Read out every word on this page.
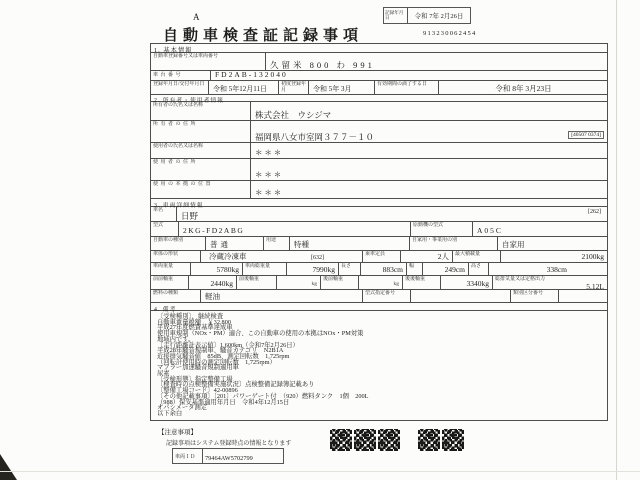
A
自動車検査証記録事項
記録年月日	令和 7年 2月26日
913230062454
1. 基本情報
自動車登録番号又は車両番号
久留米 800 わ 991
車台番号	FD2AB-132040
登録年月日/交付年月日
令和 5年12月11日
初度登録年月	令和 5年 3月
有効期間の満了する日	令和 8年 3月23日
2. 所有者・使用者情報
所有者の氏名又は名称
株式会社　ウシジマ
所有者の住所
福岡県八女市室岡３７７－１０	[40507 0374]
使用者の氏名又は名称
＊ ＊ ＊
使用者の住所
＊ ＊ ＊
使用の本拠の位置
＊ ＊ ＊
3. 車両詳細情報
車名
日野	[262]
型式
2KG-FD2ABG
原動機の型式
A05C
自動車の種別	普通	用途	特種	自家用・事業用の別	自家用
車体の形状	冷蔵冷凍車	[632]
乗車定員	2人	最大積載量	2100kg
車両重量	5780kg	車両総重量	7990kg	長さ	883cm	幅	249cm	高さ	338cm
前前軸重	2440kg	前後軸重
kg
後前軸重
kg
後後軸重	3340kg	総排気量又は定格出力
5.12L
燃料の種類	軽油	型式指定番号	類別区分番号
4. 備考
〔受検種別〕，継続検査
自動車重量税額　￥32,800
平成27年度燃費基準達成車
使用車規制（NOx・PM）適合、この自動車の使用の本拠はNOx・PM対策地域内です。
〔走行距離計表示値〕1,600km（令和7年2月26日）
平成28年騒音規制車、騒音カテゴリ　N2B1A
近接排気騒音値　85dB、測定回転数　1,725rpm
（回転計使用時の測定回転数　1,725rpm）
マフラー加速騒音規制適用車
尿素
〔受検形態〕指定整備工場
〔検査時の点検整備実施状況〕点検整備記録簿記載あり
〔整備工場コード〕42-00896
〔その他記載事項〕〔201〕パワーゲート付　（920）燃料タンク　1個　200L　（988）保安基準適用年月日　令和4年12月15日
オパシメータ測定
以下余白
【注意事項】
記録事項はシステム登録時点の情報となります
車両ＩＤ	79464AW5702799
